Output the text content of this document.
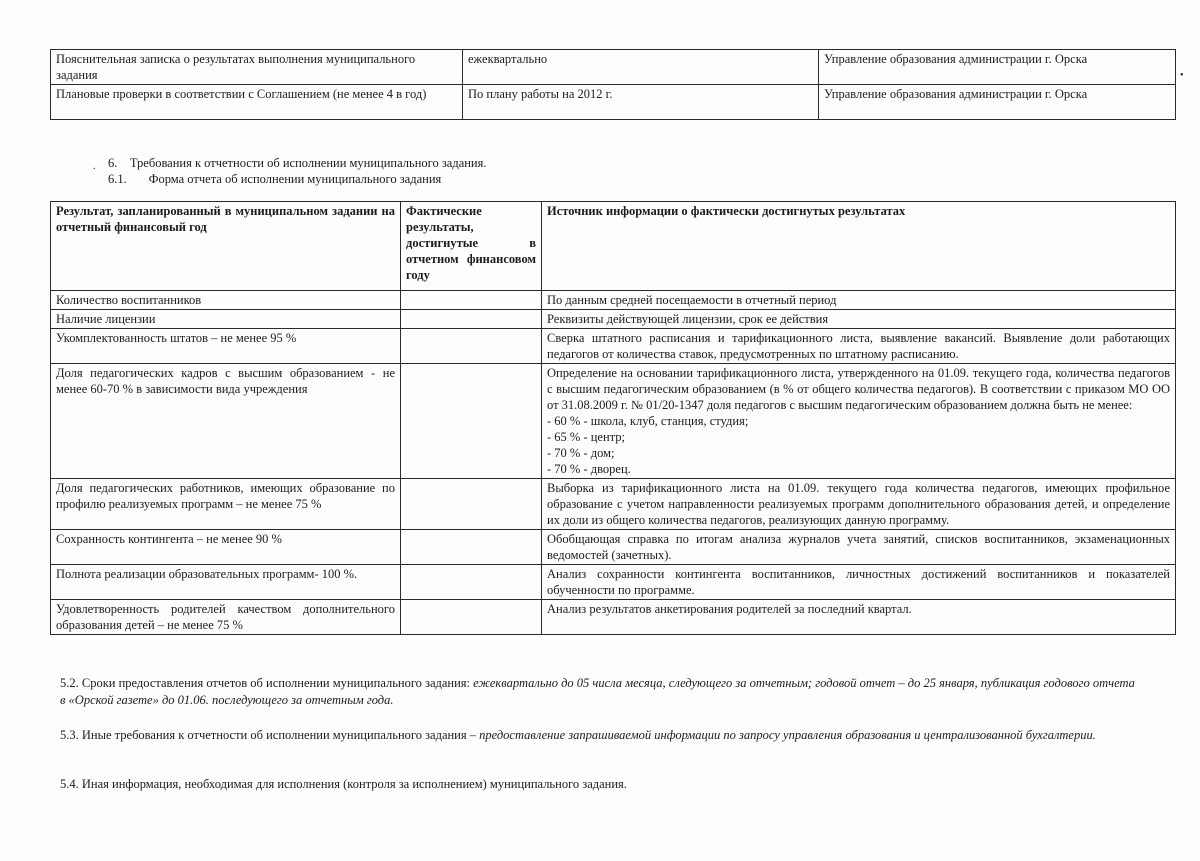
•
.
Пояснительная записка о результатах выполнения муниципального задания	ежеквартально	Управление образования администрации г. Орска
Плановые проверки в соответствии с Соглашением (не менее 4 в год)	По плану работы на 2012 г.	Управление образования администрации г. Орска
6. Требования к отчетности об исполнении муниципального задания.
6.1. Форма отчета об исполнении муниципального задания
Результат, запланированный в муниципальном задании на отчетный финансовый год	Фактические результаты, достигнутые в отчетном финансовом году	Источник информации о фактически достигнутых результатах
Количество воспитанников		По данным средней посещаемости в отчетный период
Наличие лицензии		Реквизиты действующей лицензии, срок ее действия
Укомплектованность штатов – не менее 95 %		Сверка штатного расписания и тарификационного листа, выявление вакансий. Выявление доли работающих педагогов от количества ставок, предусмотренных по штатному расписанию.
Доля педагогических кадров с высшим образованием - не менее 60-70 % в зависимости вида учреждения		Определение на основании тарификационного листа, утвержденного на 01.09. текущего года, количества педагогов с высшим педагогическим образованием (в % от общего количества педагогов). В соответствии с приказом МО ОО от 31.08.2009 г. № 01/20-1347 доля педагогов с высшим педагогическим образованием должна быть не менее:
- 60 % - школа, клуб, станция, студия;
- 65 % - центр;
- 70 % - дом;
- 70 % - дворец.

Доля педагогических работников, имеющих образование по профилю реализуемых программ – не менее 75 %		Выборка из тарификационного листа на 01.09. текущего года количества педагогов, имеющих профильное образование с учетом направленности реализуемых программ дополнительного образования детей, и определение их доли из общего количества педагогов, реализующих данную программу.
Сохранность контингента – не менее 90 %		Обобщающая справка по итогам анализа журналов учета занятий, списков воспитанников, экзаменационных ведомостей (зачетных).
Полнота реализации образовательных программ- 100 %.		Анализ сохранности контингента воспитанников, личностных достижений воспитанников и показателей обученности по программе.
Удовлетворенность родителей качеством дополнительного образования детей – не менее 75 %		Анализ результатов анкетирования родителей за последний квартал.
5.2. Сроки предоставления отчетов об исполнении муниципального задания: ежеквартально до 05 числа месяца, следующего за отчетным; годовой отчет – до 25 января, публикация годового отчета в «Орской газете» до 01.06. последующего за отчетным года.
5.3. Иные требования к отчетности об исполнении муниципального задания – предоставление запрашиваемой информации по запросу управления образования и централизованной бухгалтерии.
5.4. Иная информация, необходимая для исполнения (контроля за исполнением) муниципального задания.
